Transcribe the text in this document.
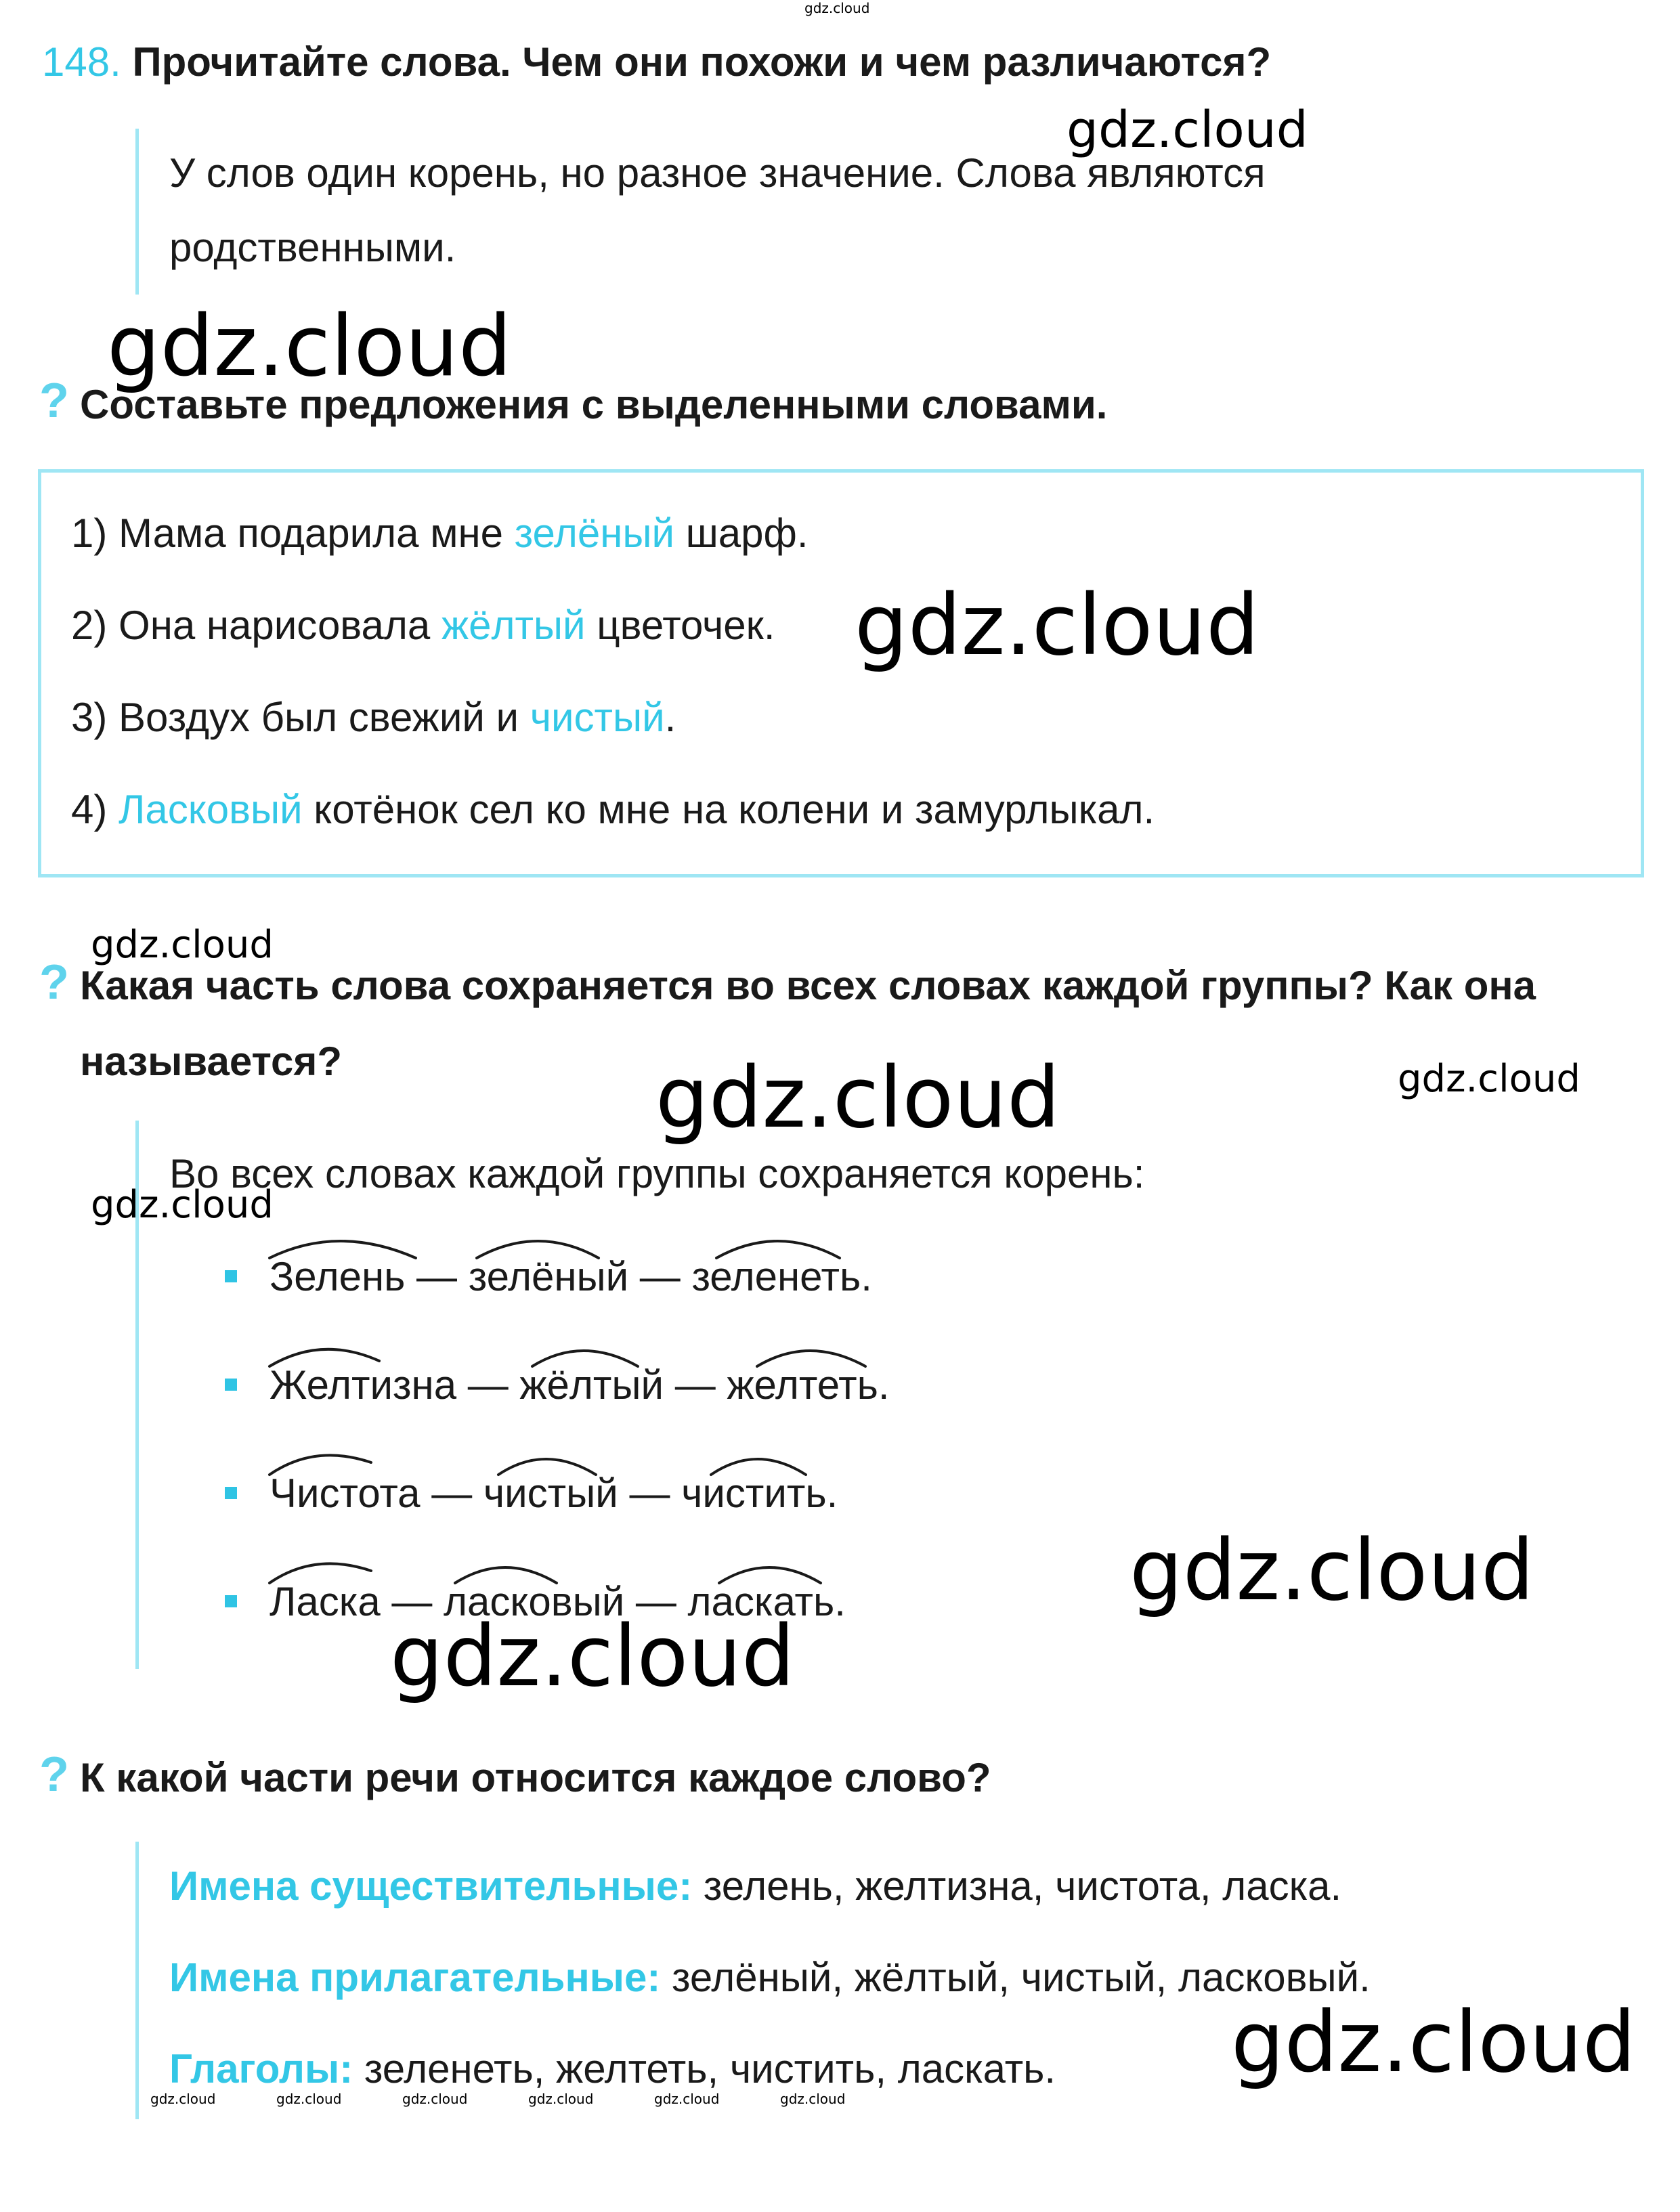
148. Прочитайте слова. Чем они похожи и чем различаются?
У слов один корень, но разное значение. Слова являются
родственными.
? Составьте предложения с выделенными словами.
1) Мама подарила мне зелёный шарф.
2) Она нарисовала жёлтый цветочек.
3) Воздух был свежий и чистый.
4) Ласковый котёнок сел ко мне на колени и замурлыкал.
? Какая часть слова сохраняется во всех словах каждой группы? Как она
называется?
Во всех словах каждой группы сохраняется корень:
Зелень — зелёный — зеленеть.
Желтизна — жёлтый — желтеть.
Чистота — чистый — чистить.
Ласка — ласковый — ласкать.
? К какой части речи относится каждое слово?
Имена существительные: зелень, желтизна, чистота, ласка.
Имена прилагательные: зелёный, жёлтый, чистый, ласковый.
Глаголы: зеленеть, желтеть, чистить, ласкать.
gdz.cloud
gdz.cloud
gdz.cloud
gdz.cloud
gdz.cloud
gdz.cloud	gdz.cloud
gdz.cloud
gdz.cloud
gdz.cloud
gdz.cloud
gdz.cloud	gdz.cloud	gdz.cloud	gdz.cloud	gdz.cloud	gdz.cloud
